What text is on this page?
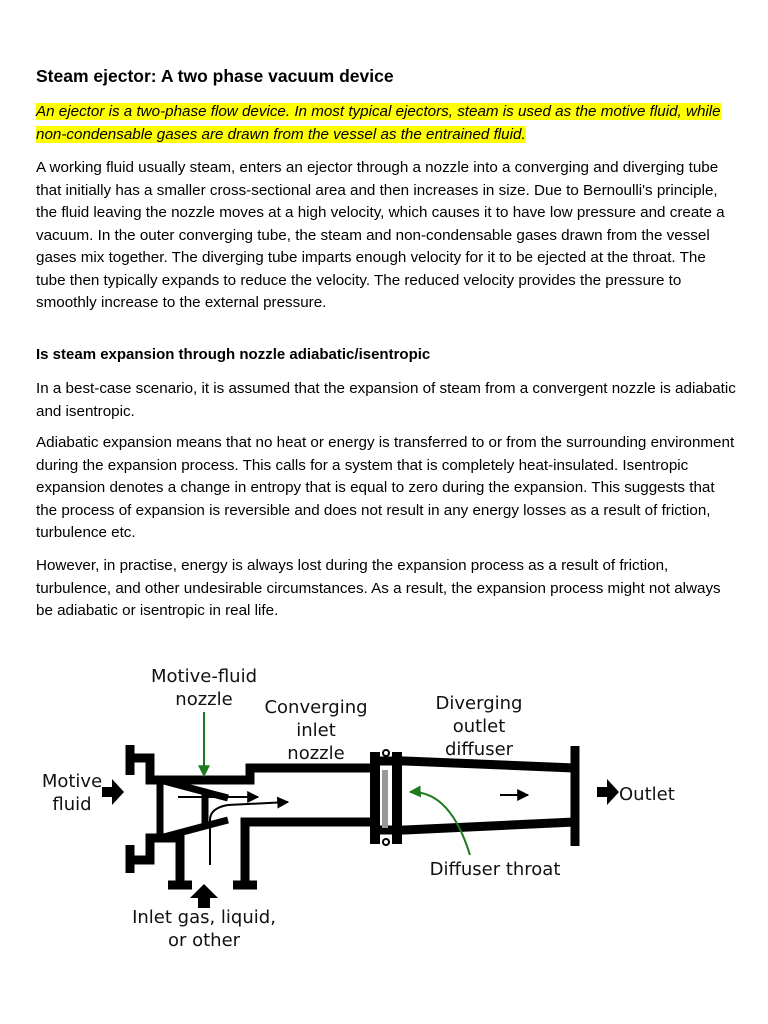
Steam ejector: A two phase vacuum device

An ejector is a two-phase flow device. In most typical ejectors, steam is used as the motive fluid, while non-condensable gases are drawn from the vessel as the entrained fluid.

A working fluid usually steam, enters an ejector through a nozzle into a converging and diverging tube that initially has a smaller cross-sectional area and then increases in size. Due to Bernoulli's principle, the fluid leaving the nozzle moves at a high velocity, which causes it to have low pressure and create a vacuum. In the outer converging tube, the steam and non-condensable gases drawn from the vessel gases mix together. The diverging tube imparts enough velocity for it to be ejected at the throat. The tube then typically expands to reduce the velocity. The reduced velocity provides the pressure to smoothly increase to the external pressure.

Is steam expansion through nozzle adiabatic/isentropic

In a best-case scenario, it is assumed that the expansion of steam from a convergent nozzle is adiabatic and isentropic.

Adiabatic expansion means that no heat or energy is transferred to or from the surrounding environment during the expansion process. This calls for a system that is completely heat-insulated. Isentropic expansion denotes a change in entropy that is equal to zero during the expansion. This suggests that the process of expansion is reversible and does not result in any energy losses as a result of friction, turbulence etc.

However, in practise, energy is always lost during the expansion process as a result of friction, turbulence, and other undesirable circumstances. As a result, the expansion process might not always be adiabatic or isentropic in real life.

Motive-fluid
nozzle Converging
inlet
nozzle
Diverging
outlet
diffuser
Motive
fluid	Outlet
Diffuser throat
Inlet gas, liquid,
or other
